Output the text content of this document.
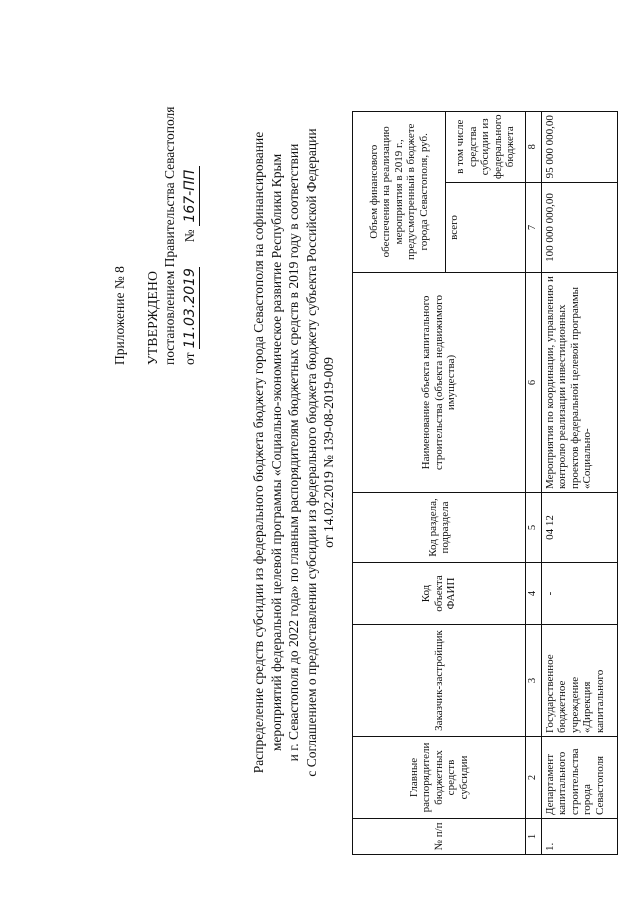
Приложение № 8 УТВЕРЖДЕНО постановлением Правительства Севастополя от 11.03.2019  № 167-ПП	Распределение средств субсидии из федерального бюджета бюджету города Севастополя на софинансирование мероприятий федеральной целевой программы «Социально-экономическое развитие Республики Крым и г. Севастополя до 2022 года» по главным распорядителям бюджетных средств в 2019 году в соответствии с Соглашением о предоставлении субсидии из федерального бюджета бюджету субъекта Российской Федерации от 14.02.2019 № 139-08-2019-009
№ п/п	Главные распорядители бюджетных средств субсидии	Заказчик-застройщик	Код объекта ФАИП	Код раздела, подраздела	Наименование объекта капитального строительства (объекта недвижимого имущества)	Объем финансового обеспечения на реализацию мероприятия в 2019 г., предусмотренный в бюджете города Севастополя, руб.	
						всего	в том числе средства субсидии из федерального бюджета
1	2	3	4	5	6	7	8
1.	Департамент капитального строительства города Севастополя	Государственное бюджетное учреждение «Дирекция капитального	-	04 12	Мероприятия по координации, управлению и контролю реализации инвестиционных проектов федеральной целевой программы «Социально-	100 000 000,00	95 000 000,00
